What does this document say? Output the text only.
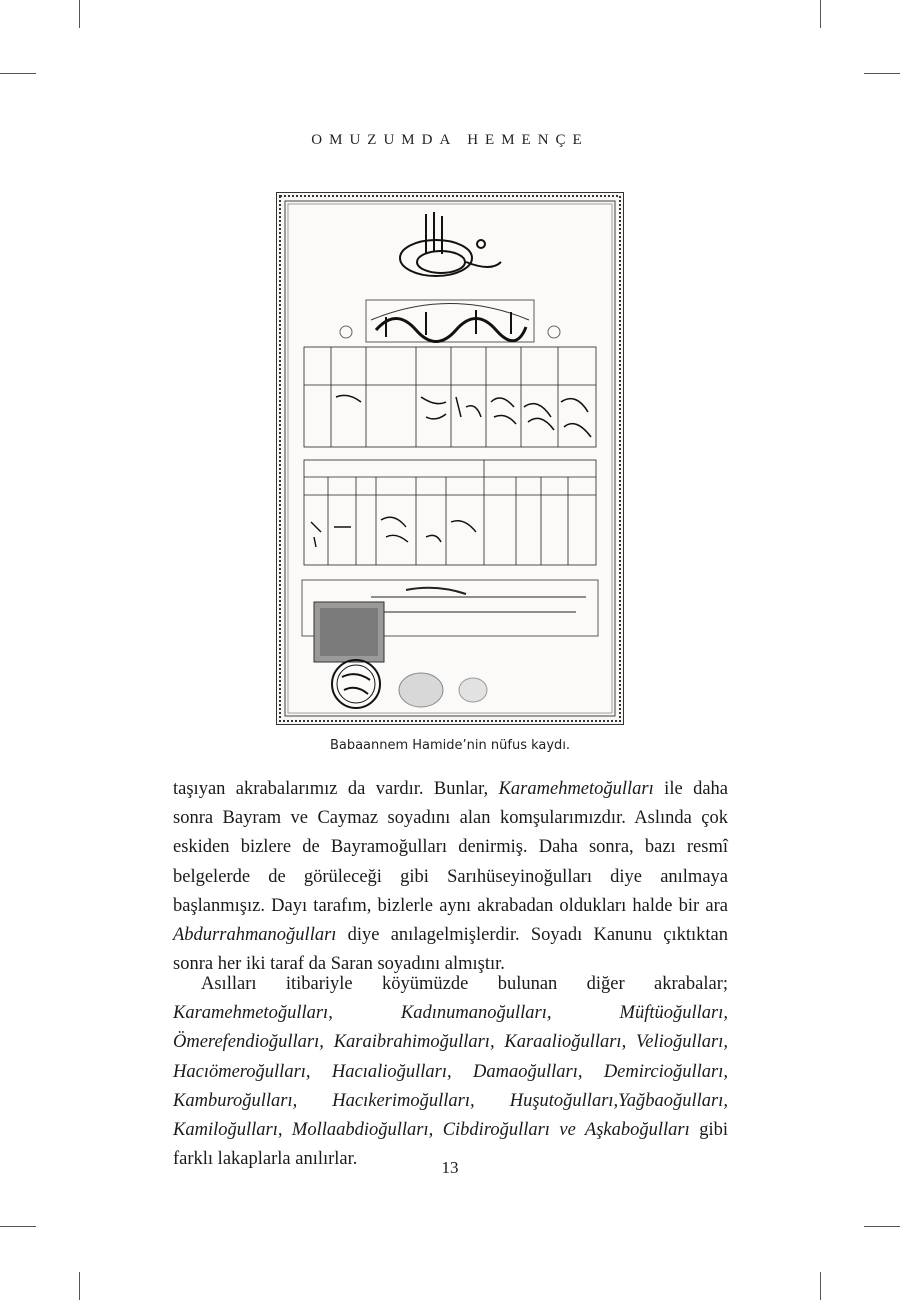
OMUZUMDA HEMENÇE
Babaannem Hamide’nin nüfus kaydı.

taşıyan akrabalarımız da vardır. Bunlar, Karamehmetoğulları ile daha sonra Bayram ve Caymaz soyadını alan komşularımızdır. Aslında çok eskiden bizlere de Bayramoğulları denirmiş. Daha sonra, bazı resmî belgelerde de görüleceği gibi Sarıhüseyinoğulları diye anılmaya başlanmışız. Dayı tarafım, bizlerle aynı akrabadan oldukları halde bir ara Abdurrahmanoğulları diye anılagelmişlerdir. Soyadı Kanunu çıktıktan sonra her iki taraf da Saran soyadını almıştır.

Asılları itibariyle köyümüzde bulunan diğer akrabalar; Karamehmetoğulları, Kadınumanoğulları, Müftüoğulları, Ömerefendioğulları, Karaibrahimoğulları, Karaalioğulları, Velioğulları, Hacıömeroğulları, Hacıalioğulları, Damaoğulları, Demircioğulları, Kamburoğulları, Hacıkerimoğulları, Huşutoğulları,Yağbaoğulları, Kamiloğulları, Mollaabdioğulları, Cibdiroğulları ve Aşkaboğulları gibi farklı lakaplarla anılırlar.	13
